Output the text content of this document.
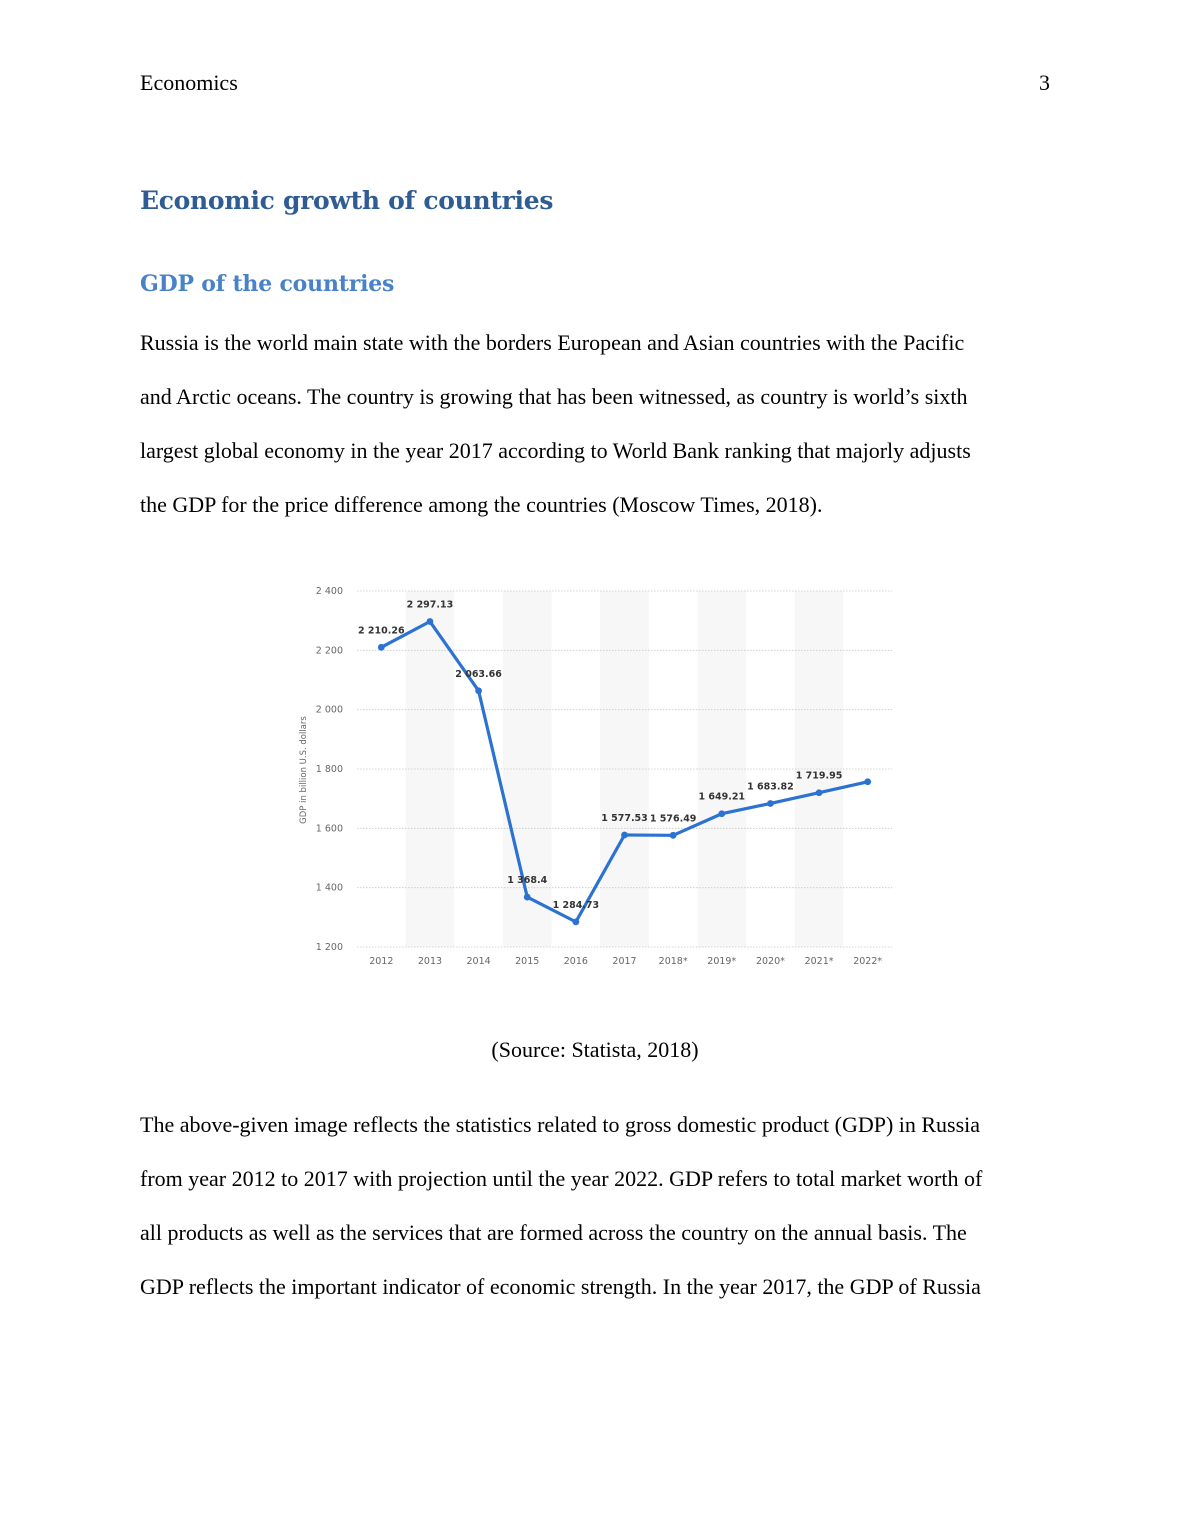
Economics	3
Economic growth of countries
GDP of the countries

Russia is the world main state with the borders European and Asian countries with the Pacific
and Arctic oceans. The country is growing that has been witnessed, as country is world’s sixth
largest global economy in the year 2017 according to World Bank ranking that majorly adjusts
the GDP for the price difference among the countries (Moscow Times, 2018).

1 200
1 400
1 600
1 800
2 000
2 200
2 400
GDP in billion U.S. dollars
2 210.26
2 297.13
2 063.66
1 368.4
1 284.73
1 577.53 1 576.49
1 649.21
1 683.82
1 719.95
2012	2013	2014	2015	2016	2017 2018* 2019* 2020* 2021* 2022*
(Source: Statista, 2018)

The above-given image reflects the statistics related to gross domestic product (GDP) in Russia
from year 2012 to 2017 with projection until the year 2022. GDP refers to total market worth of
all products as well as the services that are formed across the country on the annual basis. The
GDP reflects the important indicator of economic strength. In the year 2017, the GDP of Russia
